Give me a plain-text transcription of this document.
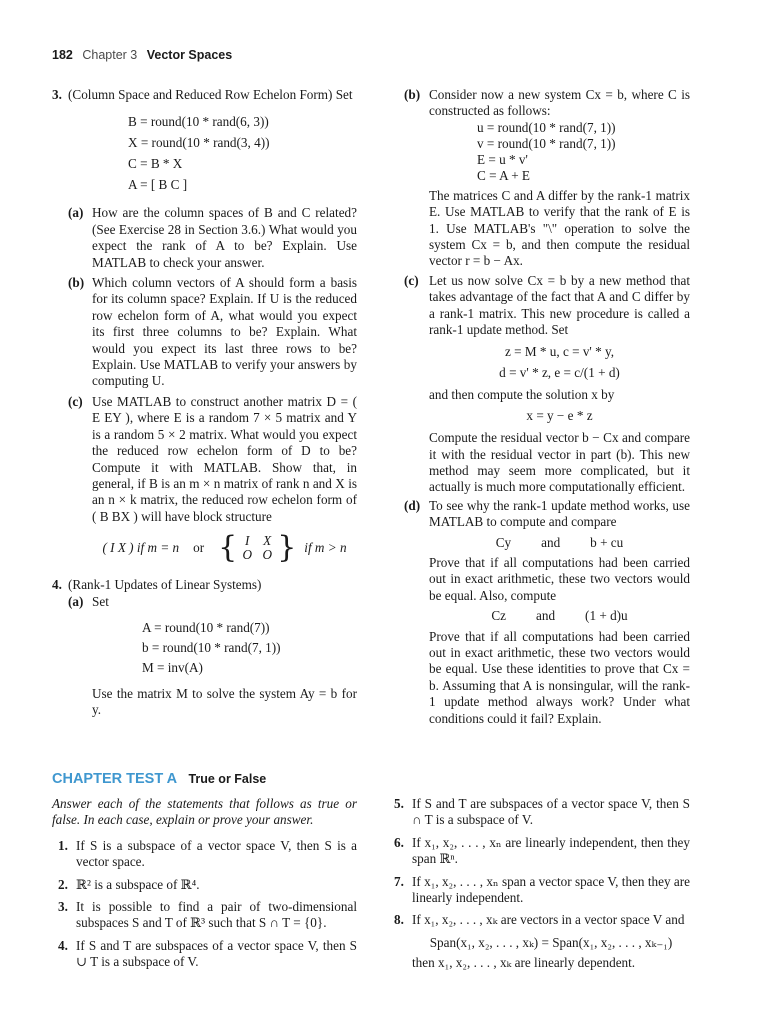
182 Chapter 3 Vector Spaces
3. (Column Space and Reduced Row Echelon Form) Set

B = round(10 * rand(6, 3))
X = round(10 * rand(3, 4))
C = B * X
A = [ B C ]
(a) How are the column spaces of B and C related? (See Exercise 28 in Section 3.6.) What would you expect the rank of A to be? Explain. Use MATLAB to check your answer.

(b) Which column vectors of A should form a basis for its column space? Explain. If U is the reduced row echelon form of A, what would you expect its first three columns to be? Explain. What would you expect its last three rows to be? Explain. Use MATLAB to verify your answers by computing U.

(c) Use MATLAB to construct another matrix D = ( E EY ), where E is a random 7 × 5 matrix and Y is a random 5 × 2 matrix. What would you expect the reduced row echelon form of D to be? Compute it with MATLAB. Show that, in general, if B is an m × n matrix of rank n and X is an n × k matrix, the reduced row echelon form of ( B BX ) will have block structure

( I X ) if m = n or { I	X
O O } if m > n
4. (Rank-1 Updates of Linear Systems)

(a) Set

A = round(10 * rand(7))
b = round(10 * rand(7, 1))
M = inv(A)

Use the matrix M to solve the system Ay = b for y.

(b) Consider now a new system Cx = b, where C is constructed as follows:

u = round(10 * rand(7, 1))
v = round(10 * rand(7, 1))
E = u * v'
C = A + E

The matrices C and A differ by the rank-1 matrix E. Use MATLAB to verify that the rank of E is 1. Use MATLAB's "\" operation to solve the system Cx = b, and then compute the residual vector r = b − Ax.

(c) Let us now solve Cx = b by a new method that takes advantage of the fact that A and C differ by a rank-1 matrix. This new procedure is called a rank-1 update method. Set

z = M * u, c = v' * y,
d = v' * z, e = c/(1 + d)

and then compute the solution x by

x = y − e * z

Compute the residual vector b − Cx and compare it with the residual vector in part (b). This new method may seem more complicated, but it actually is much more computationally efficient.

(d) To see why the rank-1 update method works, use MATLAB to compute and compare

Cy and b + cu

Prove that if all computations had been carried out in exact arithmetic, these two vectors would be equal. Also, compute

Cz and (1 + d)u

Prove that if all computations had been carried out in exact arithmetic, these two vectors would be equal. Use these identities to prove that Cx = b. Assuming that A is nonsingular, will the rank-1 update method always work? Under what conditions could it fail? Explain.

CHAPTER TEST A True or False

Answer each of the statements that follows as true or false. In each case, explain or prove your answer.

1. If S is a subspace of a vector space V, then S is a vector space.

2. ℝ² is a subspace of ℝ⁴.

3. It is possible to find a pair of two-dimensional subspaces S and T of ℝ³ such that S ∩ T = {0}.

4. If S and T are subspaces of a vector space V, then S ∪ T is a subspace of V.

5. If S and T are subspaces of a vector space V, then S ∩ T is a subspace of V.

6. If x₁, x₂, . . . , xₙ are linearly independent, then they span ℝⁿ.

7. If x₁, x₂, . . . , xₙ span a vector space V, then they are linearly independent.

8. If x₁, x₂, . . . , xₖ are vectors in a vector space V and

Span(x₁, x₂, . . . , xₖ) = Span(x₁, x₂, . . . , xₖ₋₁)

then x₁, x₂, . . . , xₖ are linearly dependent.
